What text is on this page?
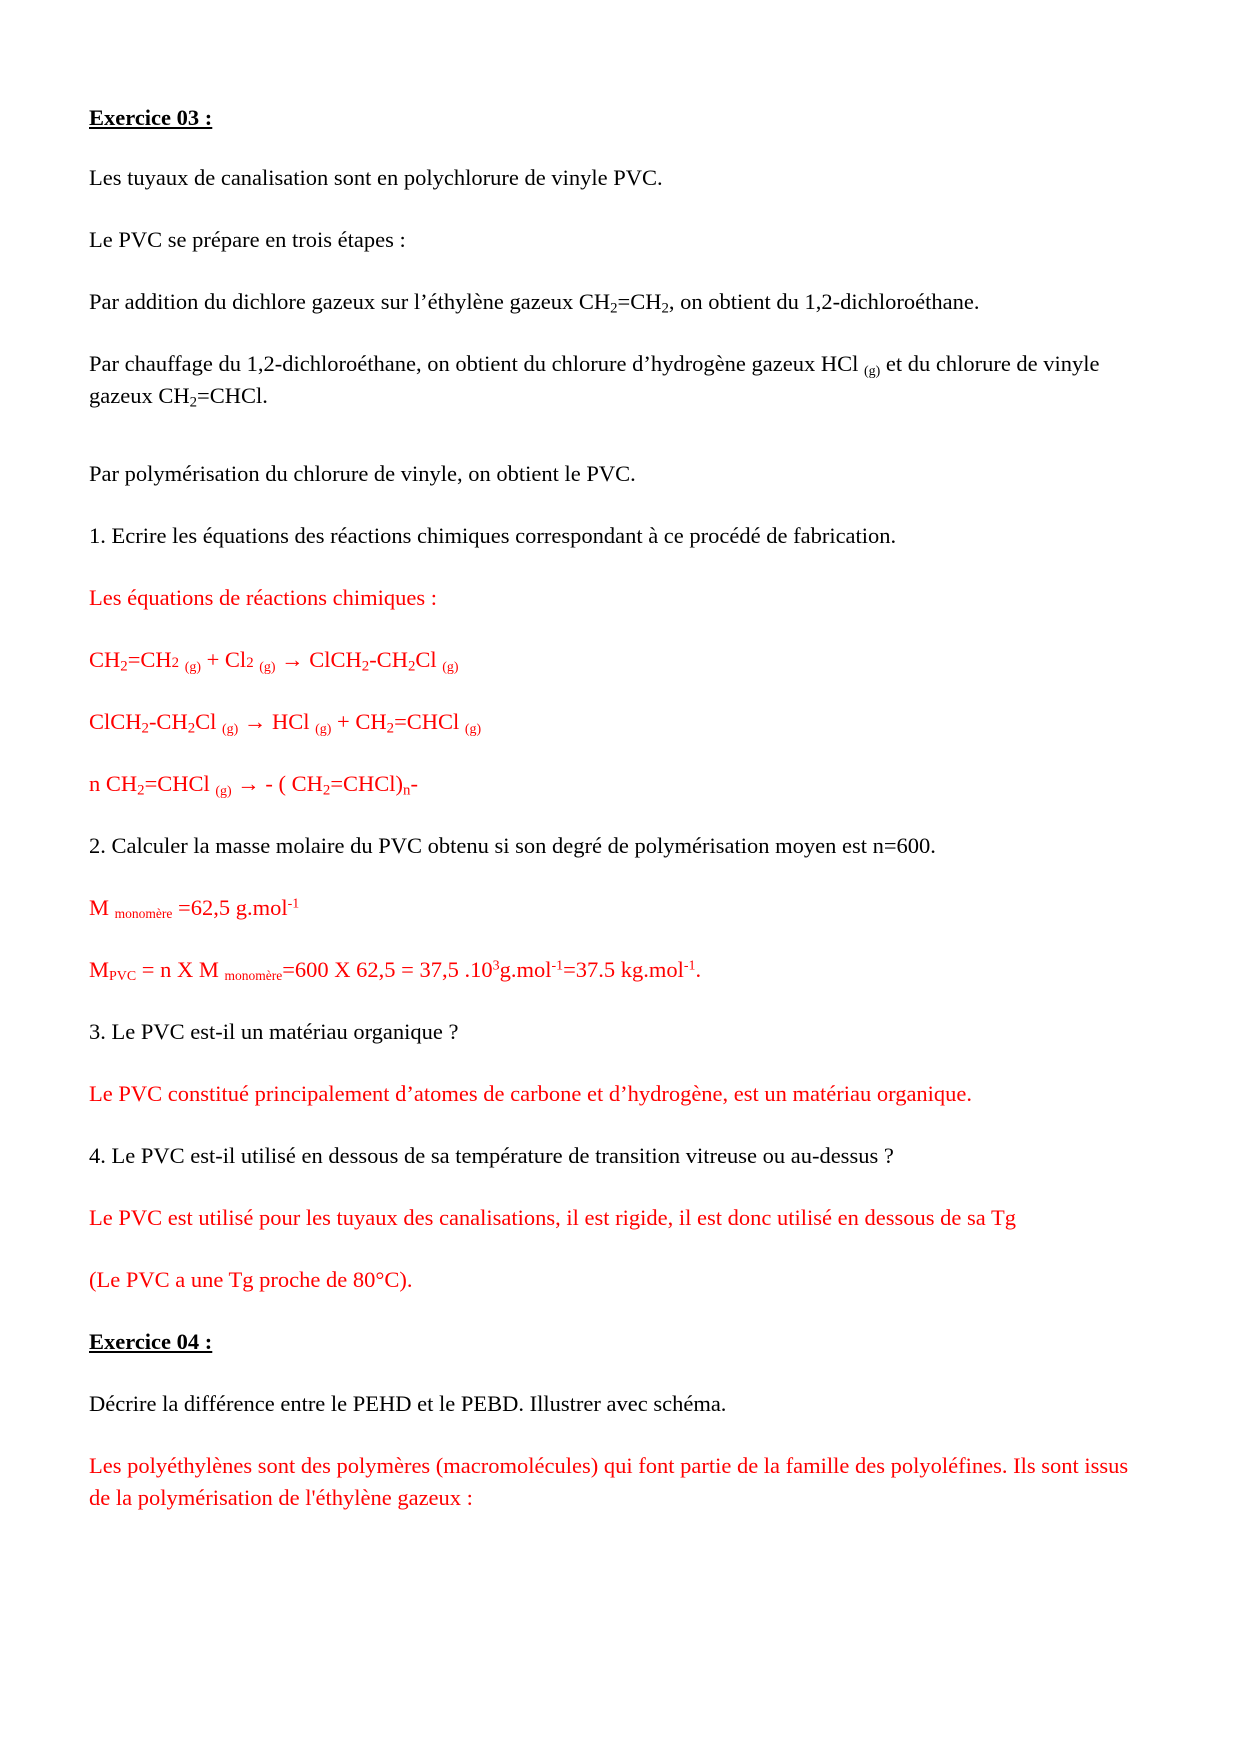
Exercice 03 :
Les tuyaux de canalisation sont en polychlorure de vinyle PVC.
Le PVC se prépare en trois étapes :
Par addition du dichlore gazeux sur l’éthylène gazeux $CH_2=CH_2$, on obtient du 1,2-dichloroéthane.
Par chauffage du 1,2-dichloroéthane, on obtient du chlorure d’hydrogène gazeux HCl $_{(g)}$ et du chlorure de vinyle gazeux $CH_2=CHCl$.
Par polymérisation du chlorure de vinyle, on obtient le PVC.
1. Ecrire les équations des réactions chimiques correspondant à ce procédé de fabrication.
Les équations de réactions chimiques :
$CH_2=CH2$ $_{(g)}$ + Cl2 $_{(g)} \to ClCH_2-CH_2Cl$ $_{(g)}$
$ClCH_2-CH_2Cl$ $_{(g)}$ → HCl $_{(g)} + CH_2=CHCl$ $_{(g)}$
n $CH_2=CHCl$ $_{(g)}$ → - ( $CH_2=CHCl)_n-$
2. Calculer la masse molaire du PVC obtenu si son degré de polymérisation moyen est n=600.
M $_{monomère}$ =62,5 g.mol$^{-1}$
$M_{PVC} = n$ X M $_{monomère}$=600 X 62,5 = 37,5 $.10^3g.mol^{-1}=37.5$ kg.mol$^{-1}$.
3. Le PVC est-il un matériau organique ?
Le PVC constitué principalement d’atomes de carbone et d’hydrogène, est un matériau organique.
4. Le PVC est-il utilisé en dessous de sa température de transition vitreuse ou au-dessus ?
Le PVC est utilisé pour les tuyaux des canalisations, il est rigide, il est donc utilisé en dessous de sa Tg
(Le PVC a une Tg proche de 80°C).
Exercice 04 :
Décrire la différence entre le PEHD et le PEBD. Illustrer avec schéma.
Les polyéthylènes sont des polymères (macromolécules) qui font partie de la famille des polyoléfines. Ils sont issus de la polymérisation de l'éthylène gazeux :
